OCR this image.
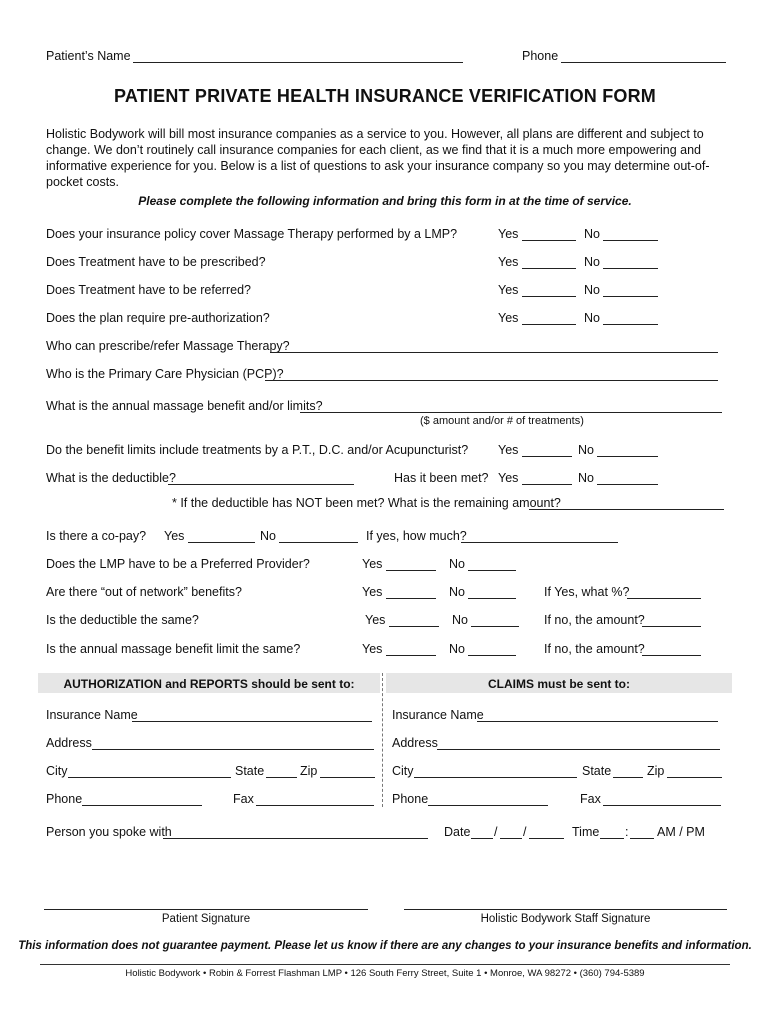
Patient’s Name	Phone
PATIENT PRIVATE HEALTH INSURANCE VERIFICATION FORM
Holistic Bodywork will bill most insurance companies as a service to you. However, all plans are different and subject to change. We don’t routinely call insurance companies for each client, as we find that it is a much more empowering and informative experience for you. Below is a list of questions to ask your insurance company so you may determine out-of-pocket costs.
Please complete the following information and bring this form in at the time of service.
Does your insurance policy cover Massage Therapy performed by a LMP?	Yes	No
Does Treatment have to be prescribed?	Yes	No
Does Treatment have to be referred?	Yes	No
Does the plan require pre-authorization?	Yes	No
Who can prescribe/refer Massage Therapy?
Who is the Primary Care Physician (PCP)?
What is the annual massage benefit and/or limits?
($ amount and/or # of treatments)
Do the benefit limits include treatments by a P.T., D.C. and/or Acupuncturist? Yes	No
What is the deductible?	Has it been met? Yes	No
* If the deductible has NOT been met? What is the remaining amount?
Is there a co-pay? Yes	No	If yes, how much?
Does the LMP have to be a Preferred Provider?	Yes	No
Are there “out of network” benefits?	Yes	No	If Yes, what %?
Is the deductible the same?	Yes	No	If no, the amount?
Is the annual massage benefit limit the same?	Yes	No	If no, the amount?
AUTHORIZATION and REPORTS should be sent to:	CLAIMS must be sent to:
Insurance Name
Address
City	State	Zip
Phone	Fax
Insurance Name
Address
City	State	Zip
Phone	Fax
Person you spoke with	Date / /	Time : AM / PM
Patient Signature	Holistic Bodywork Staff Signature
This information does not guarantee payment. Please let us know if there are any changes to your insurance benefits and information.
Holistic Bodywork • Robin & Forrest Flashman LMP • 126 South Ferry Street, Suite 1 • Monroe, WA 98272 • (360) 794-5389
